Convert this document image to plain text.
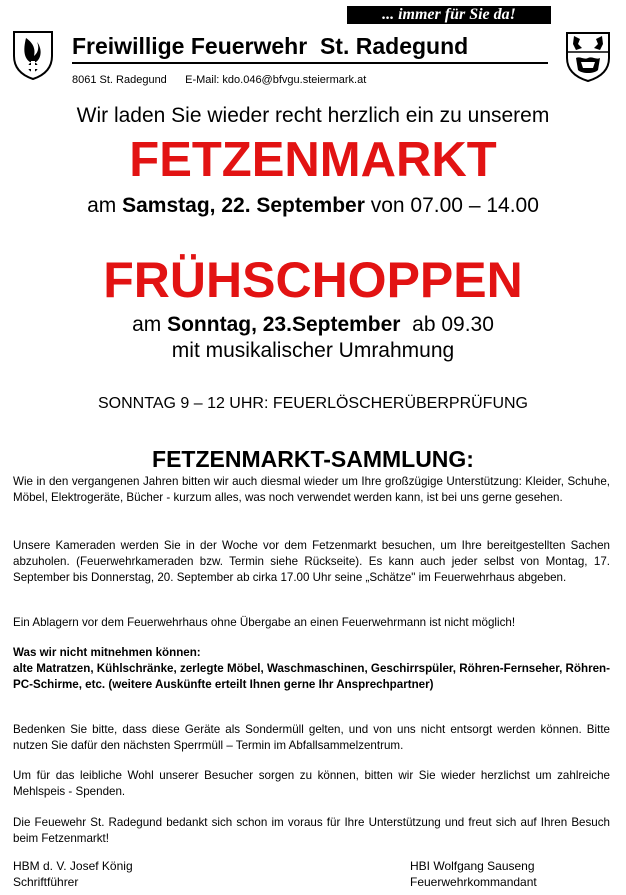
... immer für Sie da!
Freiwillige Feuerwehr  St. Radegund
8061 St. Radegund      E-Mail: kdo.046@bfvgu.steiermark.at
Wir laden Sie wieder recht herzlich ein zu unserem
FETZENMARKT
am Samstag, 22. September von 07.00 – 14.00
FRÜHSCHOPPEN
am Sonntag, 23.September  ab 09.30
mit musikalischer Umrahmung
SONNTAG 9 – 12 UHR: FEUERLÖSCHERÜBERPRÜFUNG
FETZENMARKT-SAMMLUNG:
Wie in den vergangenen Jahren bitten wir auch diesmal wieder um Ihre großzügige Unterstützung: Kleider, Schuhe, Möbel, Elektrogeräte, Bücher - kurzum alles, was noch verwendet werden kann, ist bei uns gerne gesehen.
Unsere Kameraden werden Sie in der Woche vor dem Fetzenmarkt besuchen, um Ihre bereitgestellten Sachen abzuholen. (Feuerwehrkameraden bzw. Termin siehe Rückseite). Es kann auch jeder selbst von Montag, 17. September bis Donnerstag, 20. September ab cirka 17.00 Uhr seine „Schätze" im Feuerwehrhaus abgeben.
Ein Ablagern vor dem Feuerwehrhaus ohne Übergabe an einen Feuerwehrmann ist nicht möglich!
Was wir nicht mitnehmen können:
alte Matratzen, Kühlschränke, zerlegte Möbel, Waschmaschinen, Geschirrspüler, Röhren-Fernseher, Röhren-PC-Schirme, etc. (weitere Auskünfte erteilt Ihnen gerne Ihr Ansprechpartner)
Bedenken Sie bitte, dass diese Geräte als Sondermüll gelten, und von uns nicht entsorgt werden können. Bitte nutzen Sie dafür den nächsten Sperrmüll – Termin im Abfallsammelzentrum.
Um für das leibliche Wohl unserer Besucher sorgen zu können, bitten wir Sie wieder herzlichst um zahlreiche Mehlspeis - Spenden.
Die Feuewehr St. Radegund bedankt sich schon im voraus für Ihre Unterstützung und freut sich auf Ihren Besuch beim Fetzenmarkt!
HBM d. V. Josef König
Schriftführer
HBI Wolfgang Sauseng
Feuerwehrkommandant
